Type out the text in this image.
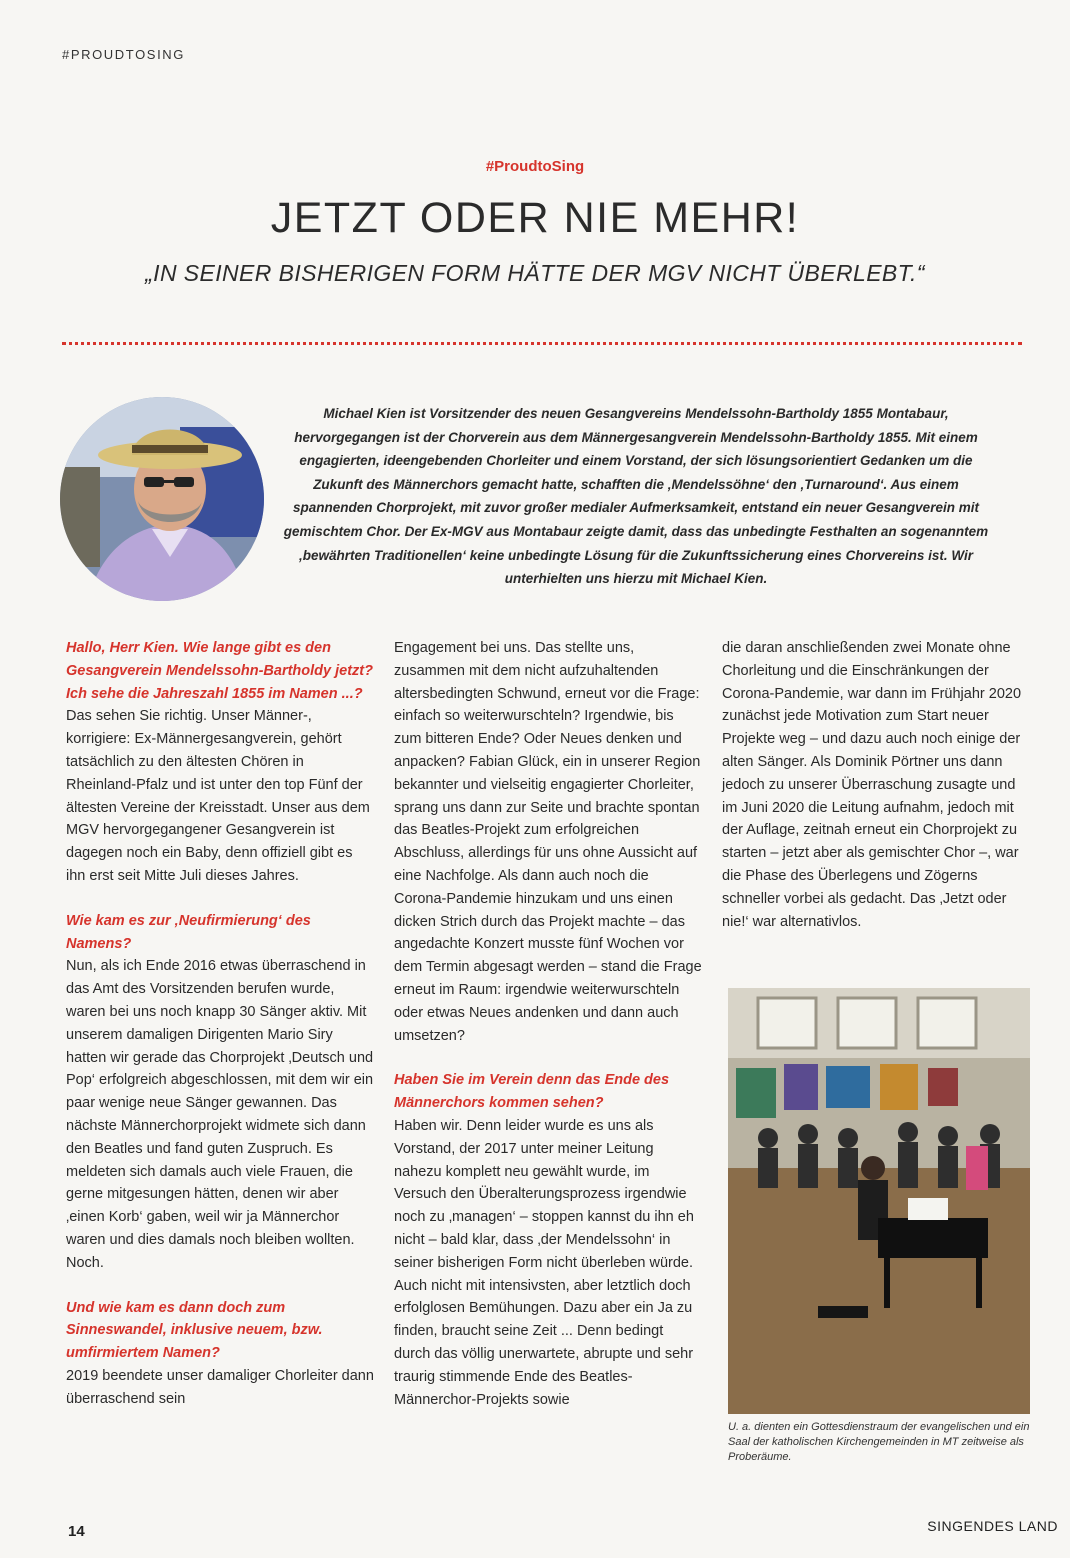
#PROUDTOSING
#ProudtoSing
JETZT ODER NIE MEHR!
„IN SEINER BISHERIGEN FORM HÄTTE DER MGV NICHT ÜBERLEBT.“
Michael Kien ist Vorsitzender des neuen Gesangvereins Mendelssohn-Bartholdy 1855 Montabaur, hervorgegangen ist der Chorverein aus dem Männergesangverein Mendelssohn-Bartholdy 1855. Mit einem engagierten, ideengebenden Chorleiter und einem Vorstand, der sich lösungsorientiert Gedanken um die Zukunft des Männerchors gemacht hatte, schafften die ‚Mendelssöhne‘ den ‚Turnaround‘. Aus einem spannenden Chorprojekt, mit zuvor großer medialer Aufmerksamkeit, entstand ein neuer Gesangverein mit gemischtem Chor. Der Ex-MGV aus Montabaur zeigte damit, dass das unbedingte Festhalten an sogenanntem ‚bewährten Traditionellen‘ keine unbedingte Lösung für die Zukunftssicherung eines Chorvereins ist. Wir unterhielten uns hierzu mit Michael Kien.

Hallo, Herr Kien. Wie lange gibt es den Gesangverein Mendelssohn-Bartholdy jetzt? Ich sehe die Jahreszahl 1855 im Namen ...?

Das sehen Sie richtig. Unser Männer-, korrigiere: Ex-Männergesangverein, gehört tatsächlich zu den ältesten Chören in Rheinland-Pfalz und ist unter den top Fünf der ältesten Vereine der Kreisstadt. Unser aus dem MGV hervorgegangener Gesangverein ist dagegen noch ein Baby, denn offiziell gibt es ihn erst seit Mitte Juli dieses Jahres.

Wie kam es zur ‚Neufirmierung‘ des Namens?

Nun, als ich Ende 2016 etwas überraschend in das Amt des Vorsitzenden berufen wurde, waren bei uns noch knapp 30 Sänger aktiv. Mit unserem damaligen Dirigenten Mario Siry hatten wir gerade das Chorprojekt ‚Deutsch und Pop‘ erfolgreich abgeschlossen, mit dem wir ein paar wenige neue Sänger gewannen. Das nächste Männerchorprojekt widmete sich dann den Beatles und fand guten Zuspruch. Es meldeten sich damals auch viele Frauen, die gerne mitgesungen hätten, denen wir aber ‚einen Korb‘ gaben, weil wir ja Männerchor waren und dies damals noch bleiben wollten. Noch.

Und wie kam es dann doch zum Sinneswandel, inklusive neuem, bzw. umfirmiertem Namen?

2019 beendete unser damaliger Chorleiter dann überraschend sein

Engagement bei uns. Das stellte uns, zusammen mit dem nicht aufzuhaltenden altersbedingten Schwund, erneut vor die Frage: einfach so weiterwurschteln? Irgendwie, bis zum bitteren Ende? Oder Neues denken und anpacken? Fabian Glück, ein in unserer Region bekannter und vielseitig engagierter Chorleiter, sprang uns dann zur Seite und brachte spontan das Beatles-Projekt zum erfolgreichen Abschluss, allerdings für uns ohne Aussicht auf eine Nachfolge. Als dann auch noch die Corona-Pandemie hinzukam und uns einen dicken Strich durch das Projekt machte – das angedachte Konzert musste fünf Wochen vor dem Termin abgesagt werden – stand die Frage erneut im Raum: irgendwie weiterwurschteln oder etwas Neues andenken und dann auch umsetzen?

Haben Sie im Verein denn das Ende des Männerchors kommen sehen?

Haben wir. Denn leider wurde es uns als Vorstand, der 2017 unter meiner Leitung nahezu komplett neu gewählt wurde, im Versuch den Überalterungsprozess irgendwie noch zu ‚managen‘ – stoppen kannst du ihn eh nicht – bald klar, dass ‚der Mendelssohn‘ in seiner bisherigen Form nicht überleben würde. Auch nicht mit intensivsten, aber letztlich doch erfolglosen Bemühungen. Dazu aber ein Ja zu finden, braucht seine Zeit ... Denn bedingt durch das völlig unerwartete, abrupte und sehr traurig stimmende Ende des Beatles-Männerchor-Projekts sowie

die daran anschließenden zwei Monate ohne Chorleitung und die Einschränkungen der Corona-Pandemie, war dann im Frühjahr 2020 zunächst jede Motivation zum Start neuer Projekte weg – und dazu auch noch einige der alten Sänger. Als Dominik Pörtner uns dann jedoch zu unserer Überraschung zusagte und im Juni 2020 die Leitung aufnahm, jedoch mit der Auflage, zeitnah erneut ein Chorprojekt zu starten – jetzt aber als gemischter Chor –, war die Phase des Überlegens und Zögerns schneller vorbei als gedacht. Das ‚Jetzt oder nie!‘ war alternativlos.

U. a. dienten ein Gottesdienstraum der evangelischen und ein Saal der katholischen Kirchengemeinden in MT zeitweise als Proberäume.
14	SINGENDES LAND
